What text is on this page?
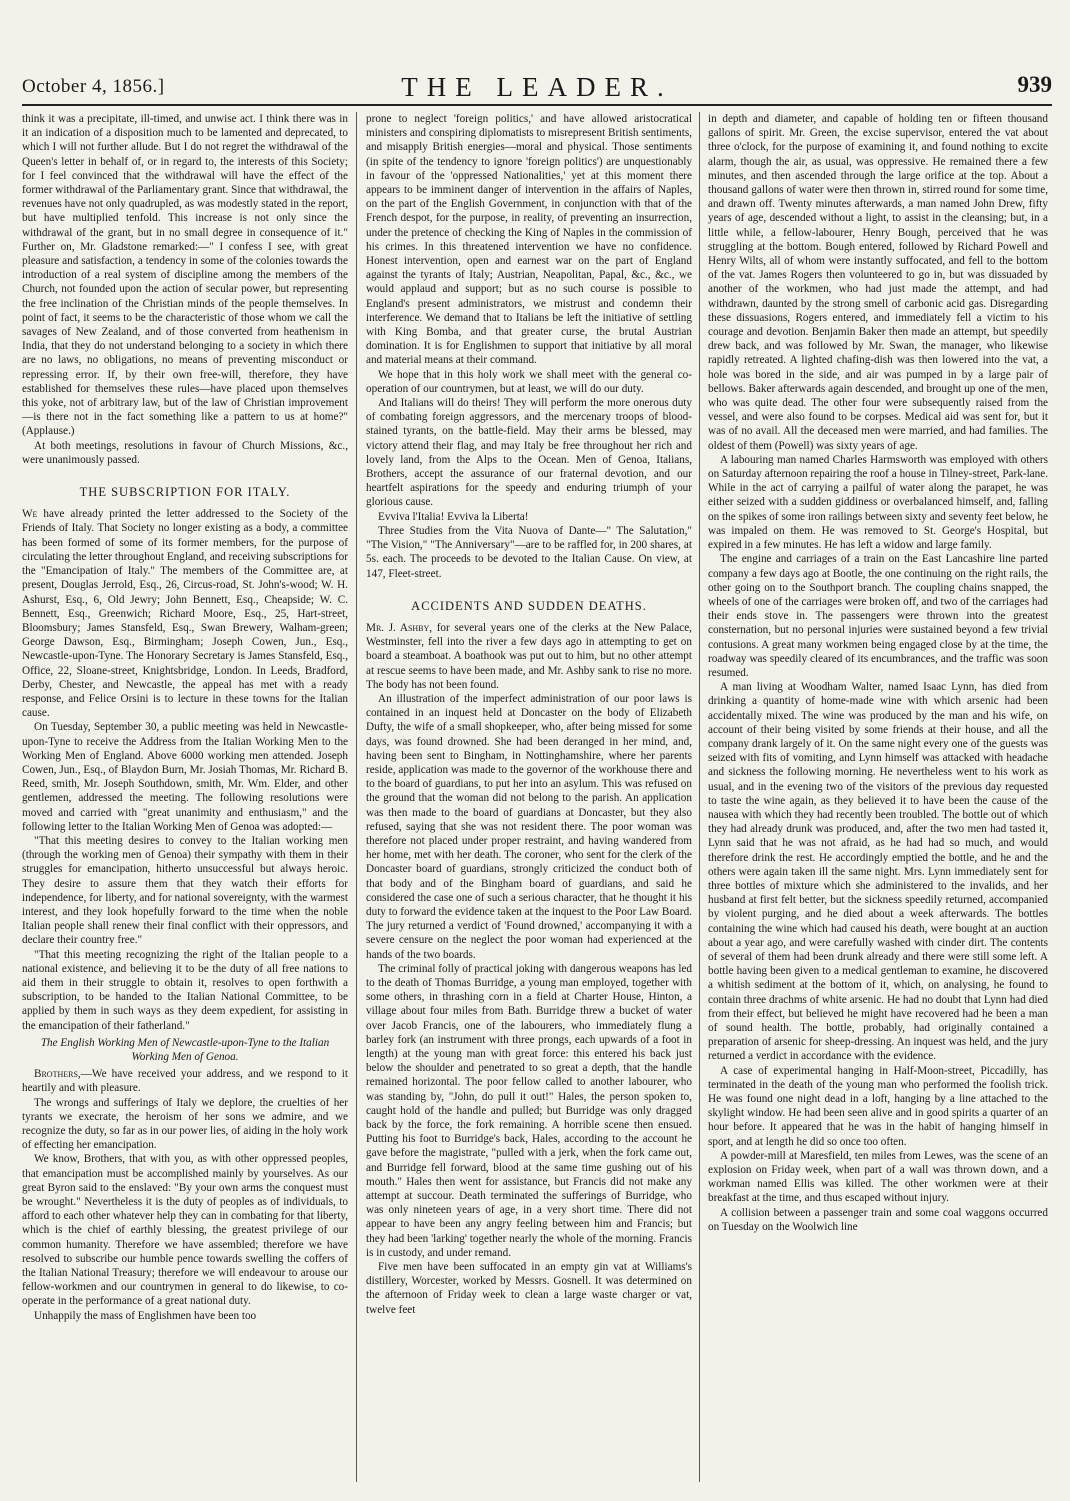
October 4, 1856.]	THE LEADER.	939

think it was a precipitate, ill-timed, and unwise act. I think there was in it an indication of a disposition much to be lamented and deprecated, to which I will not further allude. But I do not regret the withdrawal of the Queen's letter in behalf of, or in regard to, the interests of this Society; for I feel convinced that the withdrawal will have the effect of the former withdrawal of the Parliamentary grant. Since that withdrawal, the revenues have not only quadrupled, as was modestly stated in the report, but have multiplied tenfold. This increase is not only since the withdrawal of the grant, but in no small degree in consequence of it." Further on, Mr. Gladstone remarked:—" I confess I see, with great pleasure and satisfaction, a tendency in some of the colonies towards the introduction of a real system of discipline among the members of the Church, not founded upon the action of secular power, but representing the free inclination of the Christian minds of the people themselves. In point of fact, it seems to be the characteristic of those whom we call the savages of New Zealand, and of those converted from heathenism in India, that they do not understand belonging to a society in which there are no laws, no obligations, no means of preventing misconduct or repressing error. If, by their own free-will, therefore, they have established for themselves these rules—have placed upon themselves this yoke, not of arbitrary law, but of the law of Christian improvement—is there not in the fact something like a pattern to us at home?" (Applause.)

At both meetings, resolutions in favour of Church Missions, &c., were unanimously passed.

THE SUBSCRIPTION FOR ITALY.

We have already printed the letter addressed to the Society of the Friends of Italy. That Society no longer existing as a body, a committee has been formed of some of its former members, for the purpose of circulating the letter throughout England, and receiving subscriptions for the "Emancipation of Italy." The members of the Committee are, at present, Douglas Jerrold, Esq., 26, Circus-road, St. John's-wood; W. H. Ashurst, Esq., 6, Old Jewry; John Bennett, Esq., Cheapside; W. C. Bennett, Esq., Greenwich; Richard Moore, Esq., 25, Hart-street, Bloomsbury; James Stansfeld, Esq., Swan Brewery, Walham-green; George Dawson, Esq., Birmingham; Joseph Cowen, Jun., Esq., Newcastle-upon-Tyne. The Honorary Secretary is James Stansfeld, Esq., Office, 22, Sloane-street, Knightsbridge, London. In Leeds, Bradford, Derby, Chester, and Newcastle, the appeal has met with a ready response, and Felice Orsini is to lecture in these towns for the Italian cause.

On Tuesday, September 30, a public meeting was held in Newcastle-upon-Tyne to receive the Address from the Italian Working Men to the Working Men of England. Above 6000 working men attended. Joseph Cowen, Jun., Esq., of Blaydon Burn, Mr. Josiah Thomas, Mr. Richard B. Reed, smith, Mr. Joseph Southdown, smith, Mr. Wm. Elder, and other gentlemen, addressed the meeting. The following resolutions were moved and carried with "great unanimity and enthusiasm," and the following letter to the Italian Working Men of Genoa was adopted:—

"That this meeting desires to convey to the Italian working men (through the working men of Genoa) their sympathy with them in their struggles for emancipation, hitherto unsuccessful but always heroic. They desire to assure them that they watch their efforts for independence, for liberty, and for national sovereignty, with the warmest interest, and they look hopefully forward to the time when the noble Italian people shall renew their final conflict with their oppressors, and declare their country free."

"That this meeting recognizing the right of the Italian people to a national existence, and believing it to be the duty of all free nations to aid them in their struggle to obtain it, resolves to open forthwith a subscription, to be handed to the Italian National Committee, to be applied by them in such ways as they deem expedient, for assisting in the emancipation of their fatherland."

The English Working Men of Newcastle-upon-Tyne to the Italian Working Men of Genoa.

Brothers,—We have received your address, and we respond to it heartily and with pleasure.

The wrongs and sufferings of Italy we deplore, the cruelties of her tyrants we execrate, the heroism of her sons we admire, and we recognize the duty, so far as in our power lies, of aiding in the holy work of effecting her emancipation.

We know, Brothers, that with you, as with other oppressed peoples, that emancipation must be accomplished mainly by yourselves. As our great Byron said to the enslaved: "By your own arms the conquest must be wrought." Nevertheless it is the duty of peoples as of individuals, to afford to each other whatever help they can in combating for that liberty, which is the chief of earthly blessing, the greatest privilege of our common humanity. Therefore we have assembled; therefore we have resolved to subscribe our humble pence towards swelling the coffers of the Italian National Treasury; therefore we will endeavour to arouse our fellow-workmen and our countrymen in general to do likewise, to co-operate in the performance of a great national duty.

Unhappily the mass of Englishmen have been too

prone to neglect 'foreign politics,' and have allowed aristocratical ministers and conspiring diplomatists to misrepresent British sentiments, and misapply British energies—moral and physical. Those sentiments (in spite of the tendency to ignore 'foreign politics') are unquestionably in favour of the 'oppressed Nationalities,' yet at this moment there appears to be imminent danger of intervention in the affairs of Naples, on the part of the English Government, in conjunction with that of the French despot, for the purpose, in reality, of preventing an insurrection, under the pretence of checking the King of Naples in the commission of his crimes. In this threatened intervention we have no confidence. Honest intervention, open and earnest war on the part of England against the tyrants of Italy; Austrian, Neapolitan, Papal, &c., &c., we would applaud and support; but as no such course is possible to England's present administrators, we mistrust and condemn their interference. We demand that to Italians be left the initiative of settling with King Bomba, and that greater curse, the brutal Austrian domination. It is for Englishmen to support that initiative by all moral and material means at their command.

We hope that in this holy work we shall meet with the general co-operation of our countrymen, but at least, we will do our duty.

And Italians will do theirs! They will perform the more onerous duty of combating foreign aggressors, and the mercenary troops of blood-stained tyrants, on the battle-field. May their arms be blessed, may victory attend their flag, and may Italy be free throughout her rich and lovely land, from the Alps to the Ocean. Men of Genoa, Italians, Brothers, accept the assurance of our fraternal devotion, and our heartfelt aspirations for the speedy and enduring triumph of your glorious cause.

Evviva l'Italia! Evviva la Liberta!

Three Studies from the Vita Nuova of Dante—" The Salutation," "The Vision," "The Anniversary"—are to be raffled for, in 200 shares, at 5s. each. The proceeds to be devoted to the Italian Cause. On view, at 147, Fleet-street.

ACCIDENTS AND SUDDEN DEATHS.

Mr. J. Ashby, for several years one of the clerks at the New Palace, Westminster, fell into the river a few days ago in attempting to get on board a steamboat. A boathook was put out to him, but no other attempt at rescue seems to have been made, and Mr. Ashby sank to rise no more. The body has not been found.

An illustration of the imperfect administration of our poor laws is contained in an inquest held at Doncaster on the body of Elizabeth Dufty, the wife of a small shopkeeper, who, after being missed for some days, was found drowned. She had been deranged in her mind, and, having been sent to Bingham, in Nottinghamshire, where her parents reside, application was made to the governor of the workhouse there and to the board of guardians, to put her into an asylum. This was refused on the ground that the woman did not belong to the parish. An application was then made to the board of guardians at Doncaster, but they also refused, saying that she was not resident there. The poor woman was therefore not placed under proper restraint, and having wandered from her home, met with her death. The coroner, who sent for the clerk of the Doncaster board of guardians, strongly criticized the conduct both of that body and of the Bingham board of guardians, and said he considered the case one of such a serious character, that he thought it his duty to forward the evidence taken at the inquest to the Poor Law Board. The jury returned a verdict of 'Found drowned,' accompanying it with a severe censure on the neglect the poor woman had experienced at the hands of the two boards.

The criminal folly of practical joking with dangerous weapons has led to the death of Thomas Burridge, a young man employed, together with some others, in thrashing corn in a field at Charter House, Hinton, a village about four miles from Bath. Burridge threw a bucket of water over Jacob Francis, one of the labourers, who immediately flung a barley fork (an instrument with three prongs, each upwards of a foot in length) at the young man with great force: this entered his back just below the shoulder and penetrated to so great a depth, that the handle remained horizontal. The poor fellow called to another labourer, who was standing by, "John, do pull it out!" Hales, the person spoken to, caught hold of the handle and pulled; but Burridge was only dragged back by the force, the fork remaining. A horrible scene then ensued. Putting his foot to Burridge's back, Hales, according to the account he gave before the magistrate, "pulled with a jerk, when the fork came out, and Burridge fell forward, blood at the same time gushing out of his mouth." Hales then went for assistance, but Francis did not make any attempt at succour. Death terminated the sufferings of Burridge, who was only nineteen years of age, in a very short time. There did not appear to have been any angry feeling between him and Francis; but they had been 'larking' together nearly the whole of the morning. Francis is in custody, and under remand.

Five men have been suffocated in an empty gin vat at Williams's distillery, Worcester, worked by Messrs. Gosnell. It was determined on the afternoon of Friday week to clean a large waste charger or vat, twelve feet

in depth and diameter, and capable of holding ten or fifteen thousand gallons of spirit. Mr. Green, the excise supervisor, entered the vat about three o'clock, for the purpose of examining it, and found nothing to excite alarm, though the air, as usual, was oppressive. He remained there a few minutes, and then ascended through the large orifice at the top. About a thousand gallons of water were then thrown in, stirred round for some time, and drawn off. Twenty minutes afterwards, a man named John Drew, fifty years of age, descended without a light, to assist in the cleansing; but, in a little while, a fellow-labourer, Henry Bough, perceived that he was struggling at the bottom. Bough entered, followed by Richard Powell and Henry Wilts, all of whom were instantly suffocated, and fell to the bottom of the vat. James Rogers then volunteered to go in, but was dissuaded by another of the workmen, who had just made the attempt, and had withdrawn, daunted by the strong smell of carbonic acid gas. Disregarding these dissuasions, Rogers entered, and immediately fell a victim to his courage and devotion. Benjamin Baker then made an attempt, but speedily drew back, and was followed by Mr. Swan, the manager, who likewise rapidly retreated. A lighted chafing-dish was then lowered into the vat, a hole was bored in the side, and air was pumped in by a large pair of bellows. Baker afterwards again descended, and brought up one of the men, who was quite dead. The other four were subsequently raised from the vessel, and were also found to be corpses. Medical aid was sent for, but it was of no avail. All the deceased men were married, and had families. The oldest of them (Powell) was sixty years of age.

A labouring man named Charles Harmsworth was employed with others on Saturday afternoon repairing the roof a house in Tilney-street, Park-lane. While in the act of carrying a pailful of water along the parapet, he was either seized with a sudden giddiness or overbalanced himself, and, falling on the spikes of some iron railings between sixty and seventy feet below, he was impaled on them. He was removed to St. George's Hospital, but expired in a few minutes. He has left a widow and large family.

The engine and carriages of a train on the East Lancashire line parted company a few days ago at Bootle, the one continuing on the right rails, the other going on to the Southport branch. The coupling chains snapped, the wheels of one of the carriages were broken off, and two of the carriages had their ends stove in. The passengers were thrown into the greatest consternation, but no personal injuries were sustained beyond a few trivial contusions. A great many workmen being engaged close by at the time, the roadway was speedily cleared of its encumbrances, and the traffic was soon resumed.

A man living at Woodham Walter, named Isaac Lynn, has died from drinking a quantity of home-made wine with which arsenic had been accidentally mixed. The wine was produced by the man and his wife, on account of their being visited by some friends at their house, and all the company drank largely of it. On the same night every one of the guests was seized with fits of vomiting, and Lynn himself was attacked with headache and sickness the following morning. He nevertheless went to his work as usual, and in the evening two of the visitors of the previous day requested to taste the wine again, as they believed it to have been the cause of the nausea with which they had recently been troubled. The bottle out of which they had already drunk was produced, and, after the two men had tasted it, Lynn said that he was not afraid, as he had had so much, and would therefore drink the rest. He accordingly emptied the bottle, and he and the others were again taken ill the same night. Mrs. Lynn immediately sent for three bottles of mixture which she administered to the invalids, and her husband at first felt better, but the sickness speedily returned, accompanied by violent purging, and he died about a week afterwards. The bottles containing the wine which had caused his death, were bought at an auction about a year ago, and were carefully washed with cinder dirt. The contents of several of them had been drunk already and there were still some left. A bottle having been given to a medical gentleman to examine, he discovered a whitish sediment at the bottom of it, which, on analysing, he found to contain three drachms of white arsenic. He had no doubt that Lynn had died from their effect, but believed he might have recovered had he been a man of sound health. The bottle, probably, had originally contained a preparation of arsenic for sheep-dressing. An inquest was held, and the jury returned a verdict in accordance with the evidence.

A case of experimental hanging in Half-Moon-street, Piccadilly, has terminated in the death of the young man who performed the foolish trick. He was found one night dead in a loft, hanging by a line attached to the skylight window. He had been seen alive and in good spirits a quarter of an hour before. It appeared that he was in the habit of hanging himself in sport, and at length he did so once too often.

A powder-mill at Maresfield, ten miles from Lewes, was the scene of an explosion on Friday week, when part of a wall was thrown down, and a workman named Ellis was killed. The other workmen were at their breakfast at the time, and thus escaped without injury.

A collision between a passenger train and some coal waggons occurred on Tuesday on the Woolwich line
